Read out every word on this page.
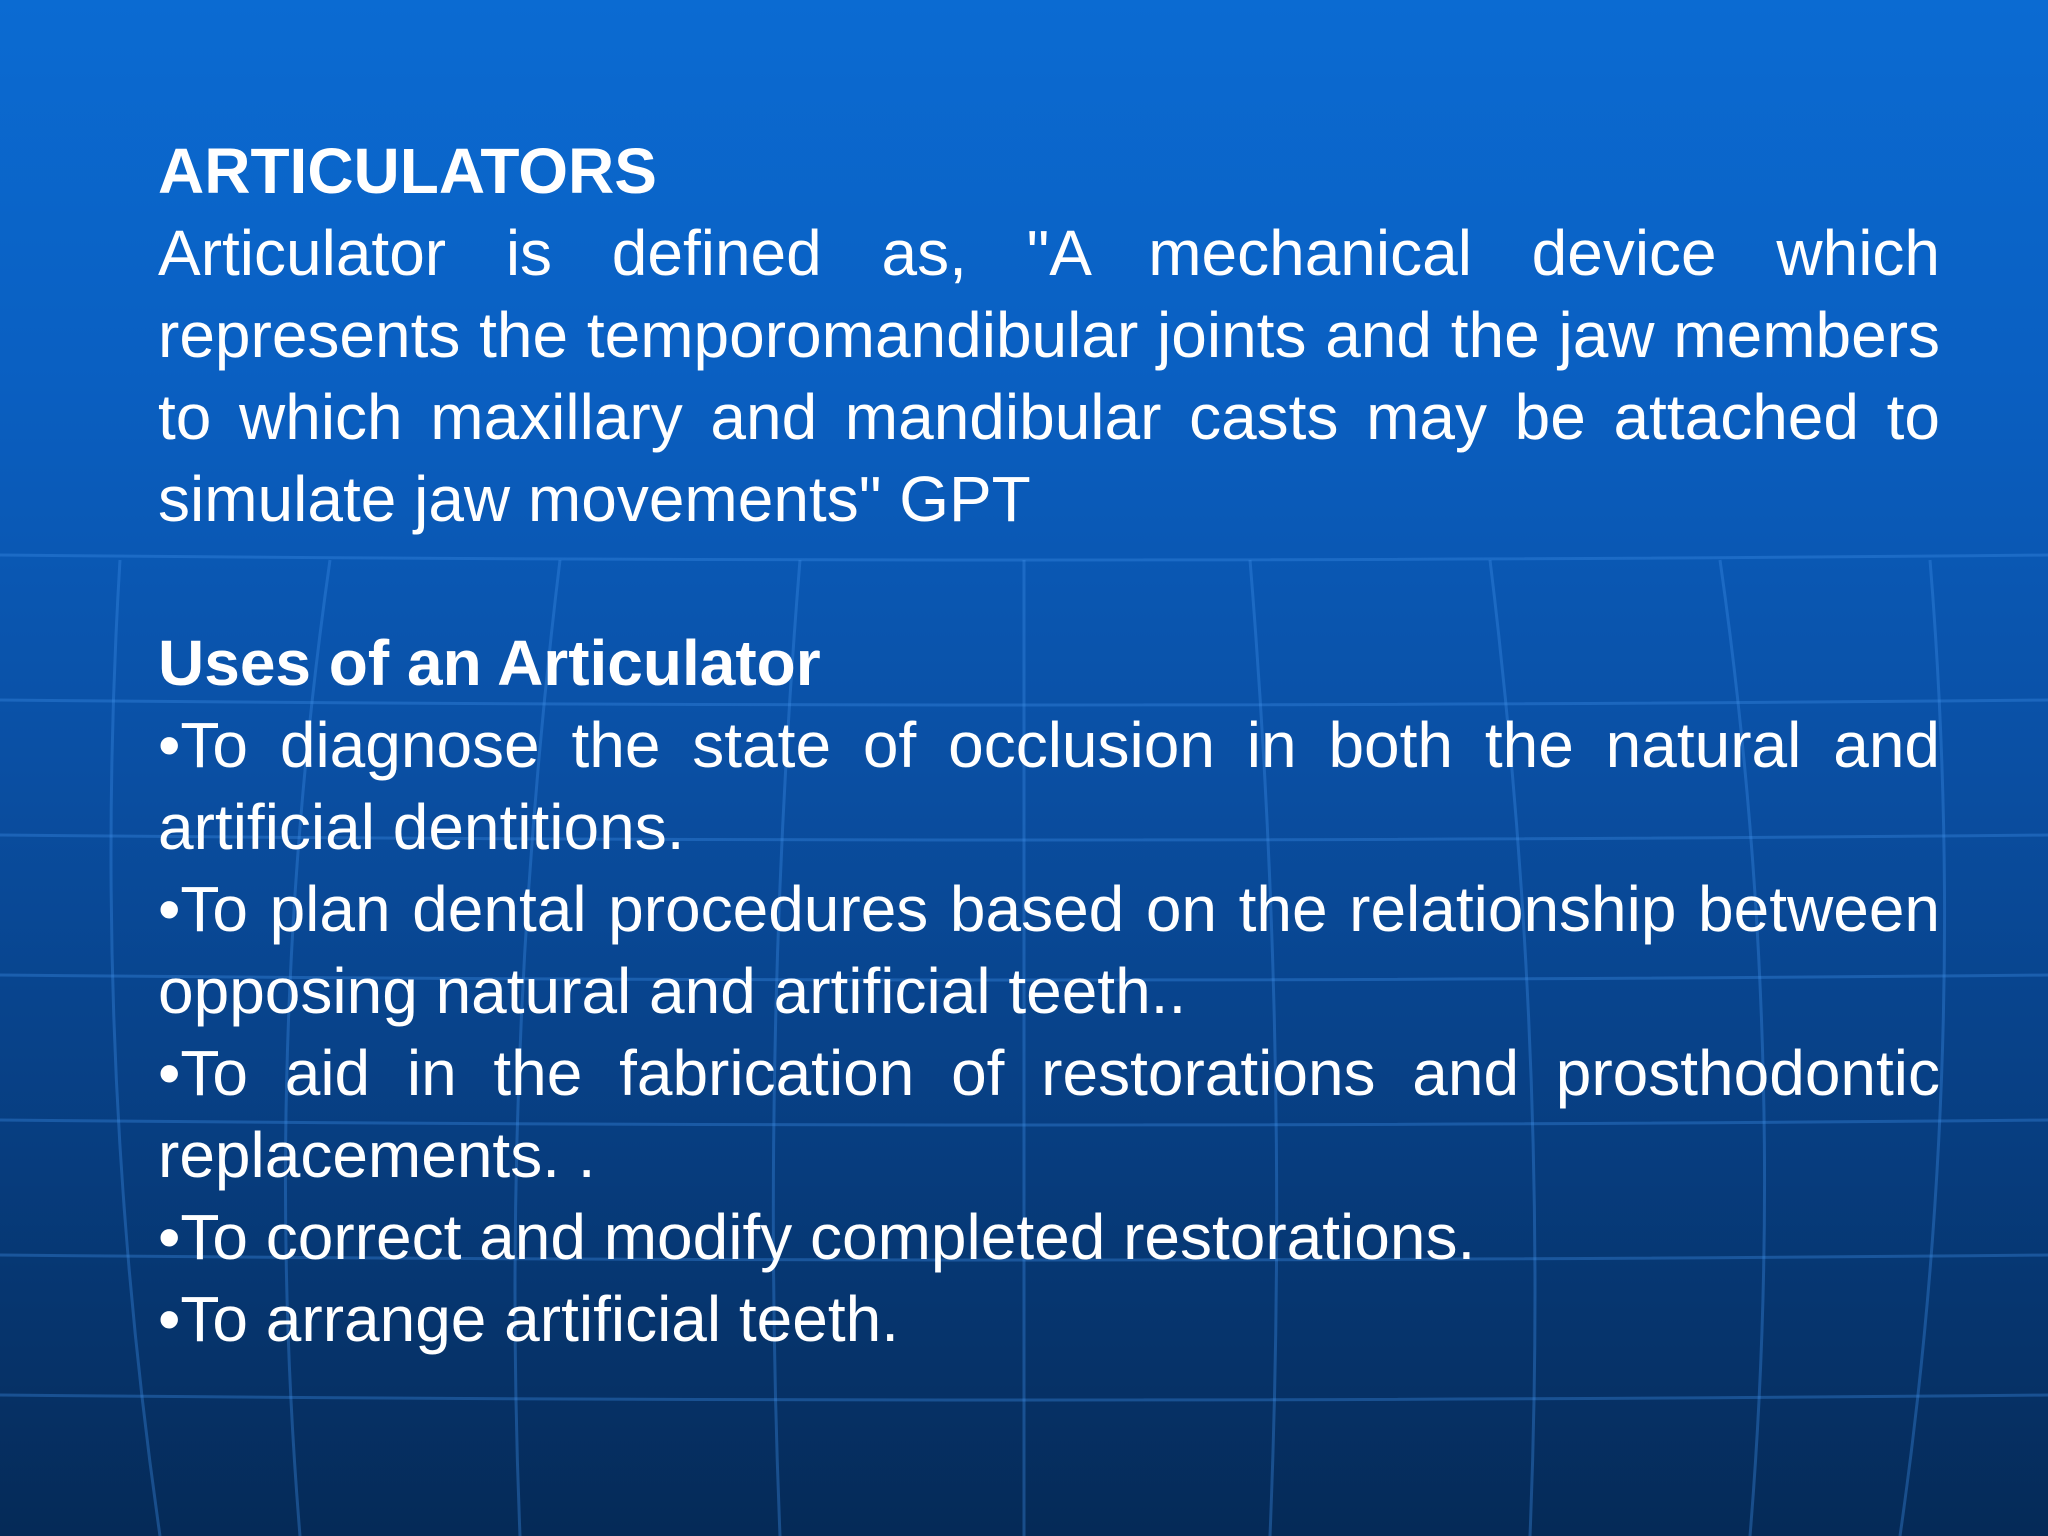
ARTICULATORS

Articulator is defined as, "A mechanical device which represents the temporomandibular joints and the jaw members to which maxillary and mandibular casts may be attached to simulate jaw movements" GPT

Uses of an Articulator

•To diagnose the state of occlusion in both the natural and artificial dentitions.

•To plan dental procedures based on the relationship between opposing natural and artificial teeth..

•To aid in the fabrication of restorations and prosthodontic replacements. .

•To correct and modify completed restorations.

•To arrange artificial teeth.
